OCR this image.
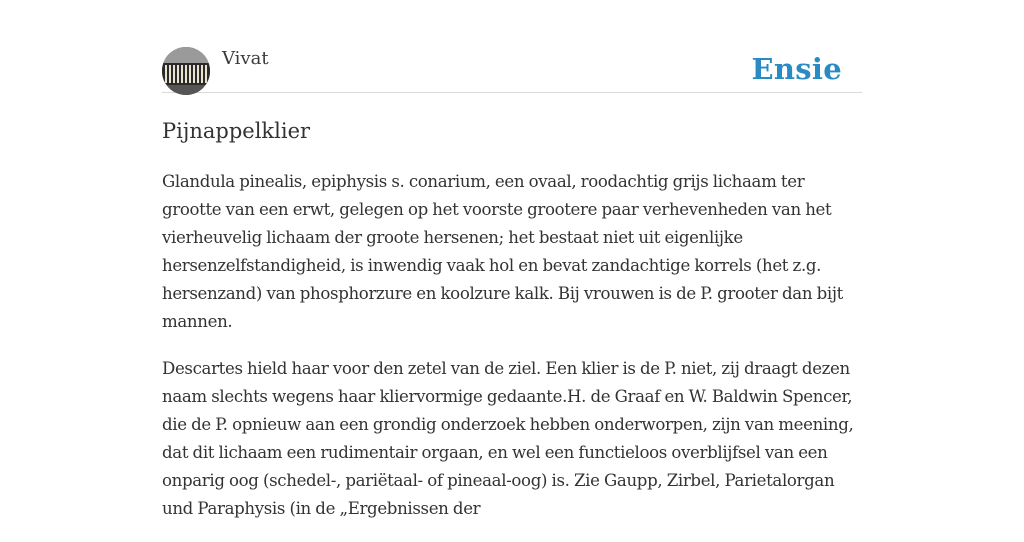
Vivat	Ensie
Pijnappelklier

Glandula pinealis, epiphysis s. conarium, een ovaal, roodachtig grijs lichaam ter grootte van een erwt, gelegen op het voorste grootere paar verhevenheden van het vierheuvelig lichaam der groote hersenen; het bestaat niet uit eigenlijke hersenzelfstandigheid, is inwendig vaak hol en bevat zandachtige korrels (het z.g. hersenzand) van phosphorzure en koolzure kalk. Bij vrouwen is de P. grooter dan bijt mannen.

Descartes hield haar voor den zetel van de ziel. Een klier is de P. niet, zij draagt dezen naam slechts wegens haar kliervormige gedaante.H. de Graaf en W. Baldwin Spencer, die de P. opnieuw aan een grondig onderzoek hebben onderworpen, zijn van meening, dat dit lichaam een rudimentair orgaan, en wel een functieloos overblijfsel van een onparig oog (schedel-, pariëtaal- of pineaal-oog) is. Zie Gaupp, Zirbel, Parietalorgan und Paraphysis (in de „Ergebnissen der
